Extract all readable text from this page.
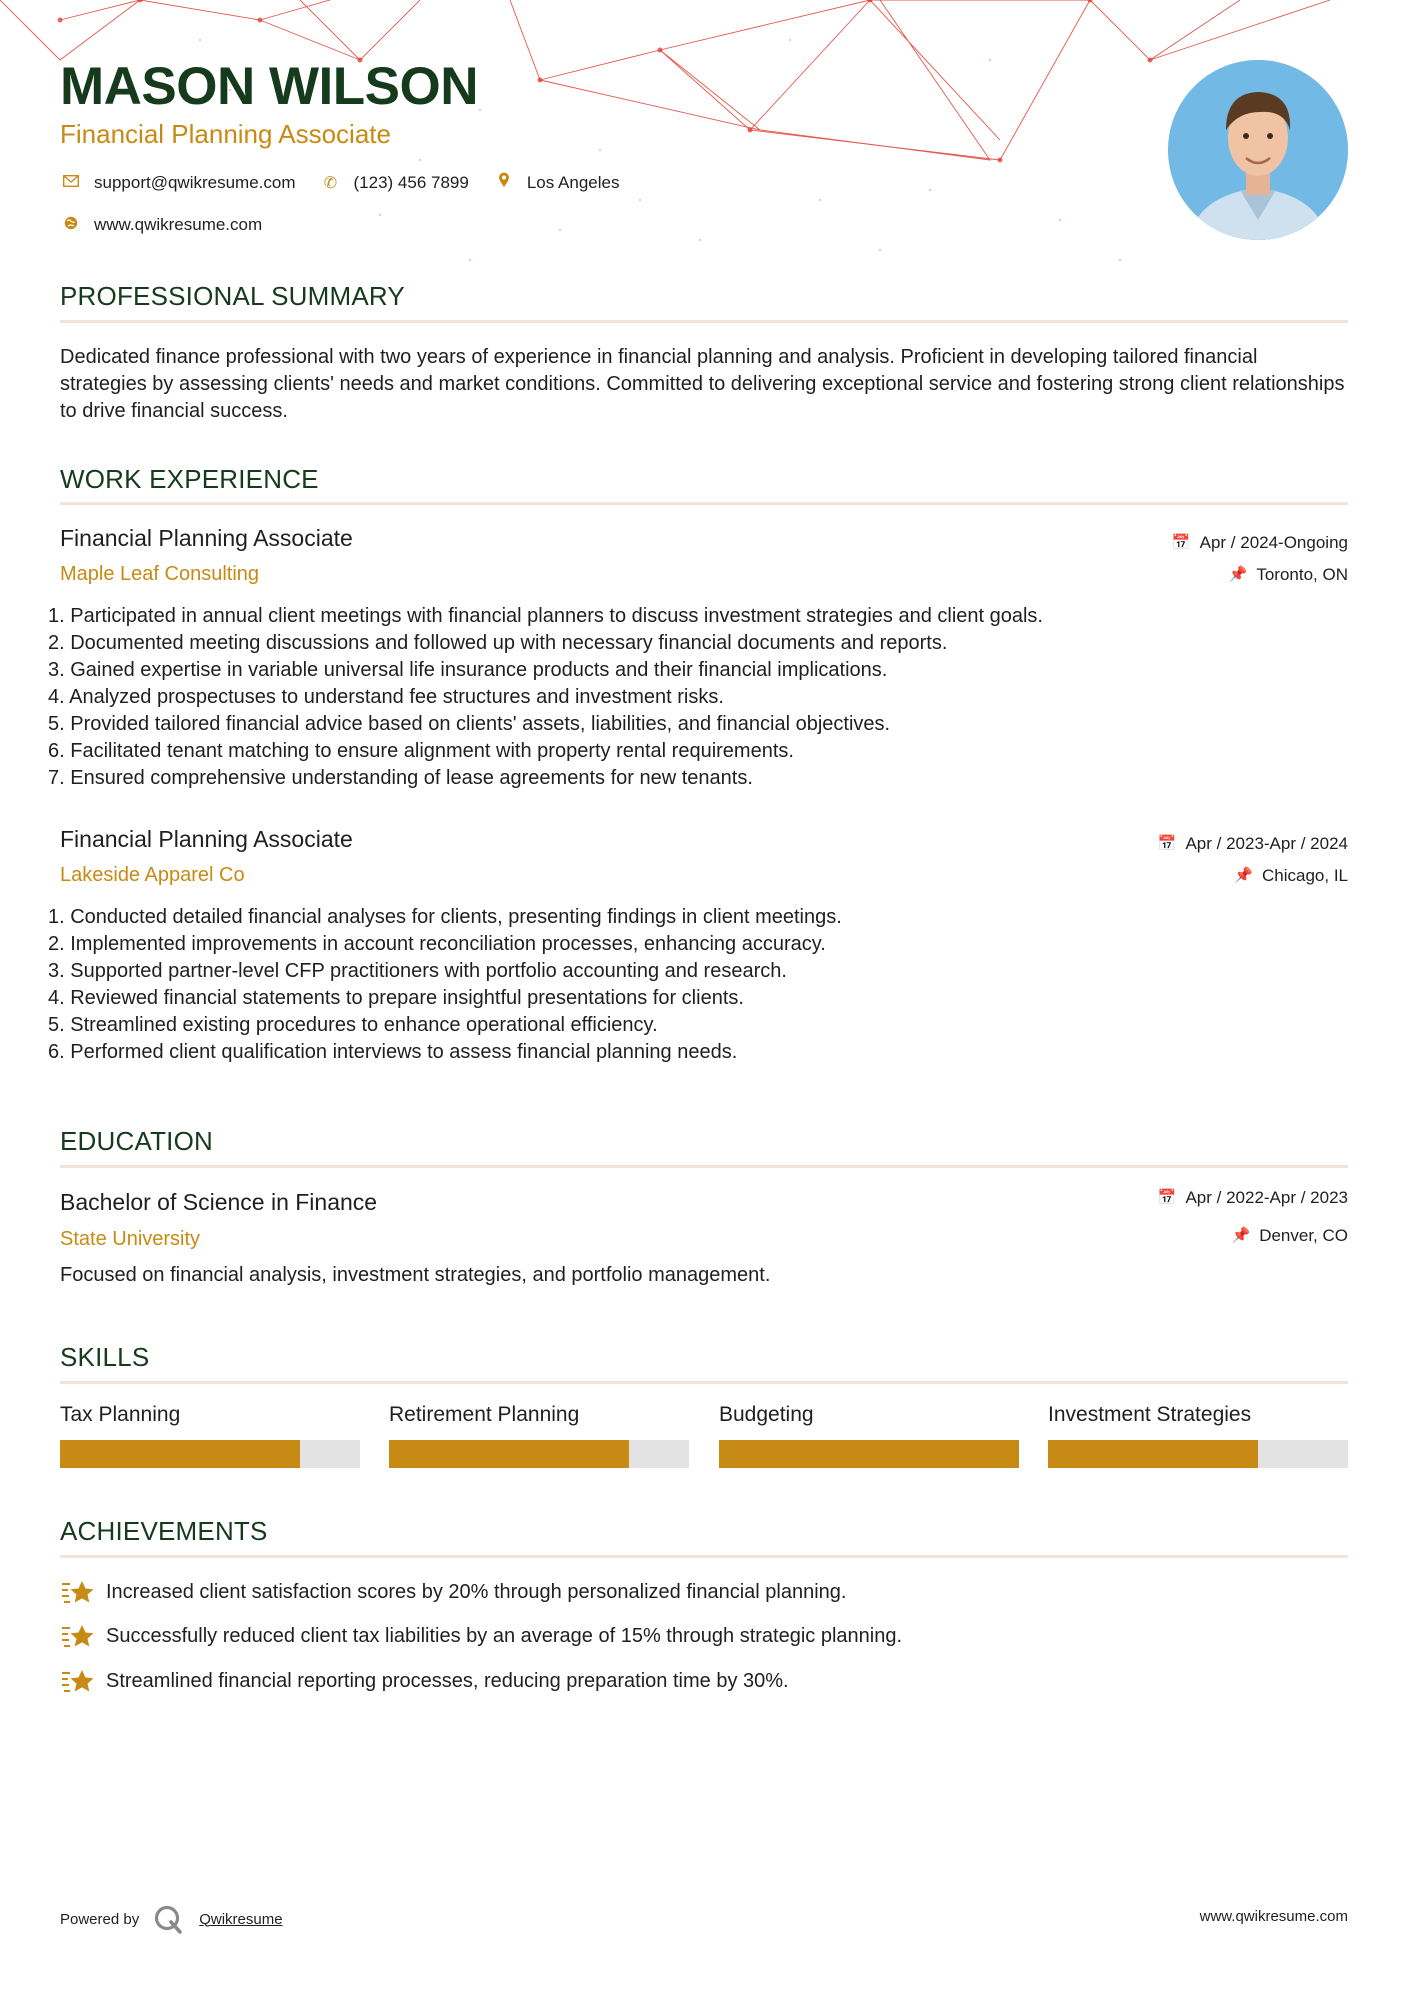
MASON WILSON
Financial Planning Associate
support@qwikresume.com ✆ (123) 456 7899	Los Angeles
www.qwikresume.com
PROFESSIONAL SUMMARY
Dedicated finance professional with two years of experience in financial planning and analysis. Proficient in developing tailored financial strategies by assessing clients' needs and market conditions. Committed to delivering exceptional service and fostering strong client relationships to drive financial success.
WORK EXPERIENCE
Financial Planning Associate
Maple Leaf Consulting
📅 Apr / 2024-Ongoing
📌 Toronto, ON
1. Participated in annual client meetings with financial planners to discuss investment strategies and client goals.
2. Documented meeting discussions and followed up with necessary financial documents and reports.
3. Gained expertise in variable universal life insurance products and their financial implications.
4. Analyzed prospectuses to understand fee structures and investment risks.
5. Provided tailored financial advice based on clients' assets, liabilities, and financial objectives.
6. Facilitated tenant matching to ensure alignment with property rental requirements.
7. Ensured comprehensive understanding of lease agreements for new tenants.
Financial Planning Associate
Lakeside Apparel Co
📅 Apr / 2023-Apr / 2024
📌 Chicago, IL
1. Conducted detailed financial analyses for clients, presenting findings in client meetings.
2. Implemented improvements in account reconciliation processes, enhancing accuracy.
3. Supported partner-level CFP practitioners with portfolio accounting and research.
4. Reviewed financial statements to prepare insightful presentations for clients.
5. Streamlined existing procedures to enhance operational efficiency.
6. Performed client qualification interviews to assess financial planning needs.
EDUCATION
Bachelor of Science in Finance
State University
📅 Apr / 2022-Apr / 2023
📌 Denver, CO
Focused on financial analysis, investment strategies, and portfolio management.
SKILLS
Tax Planning	Retirement Planning	Budgeting	Investment Strategies
ACHIEVEMENTS
Increased client satisfaction scores by 20% through personalized financial planning.
Successfully reduced client tax liabilities by an average of 15% through strategic planning.
Streamlined financial reporting processes, reducing preparation time by 30%.
Powered by	Qwikresume	www.qwikresume.com
